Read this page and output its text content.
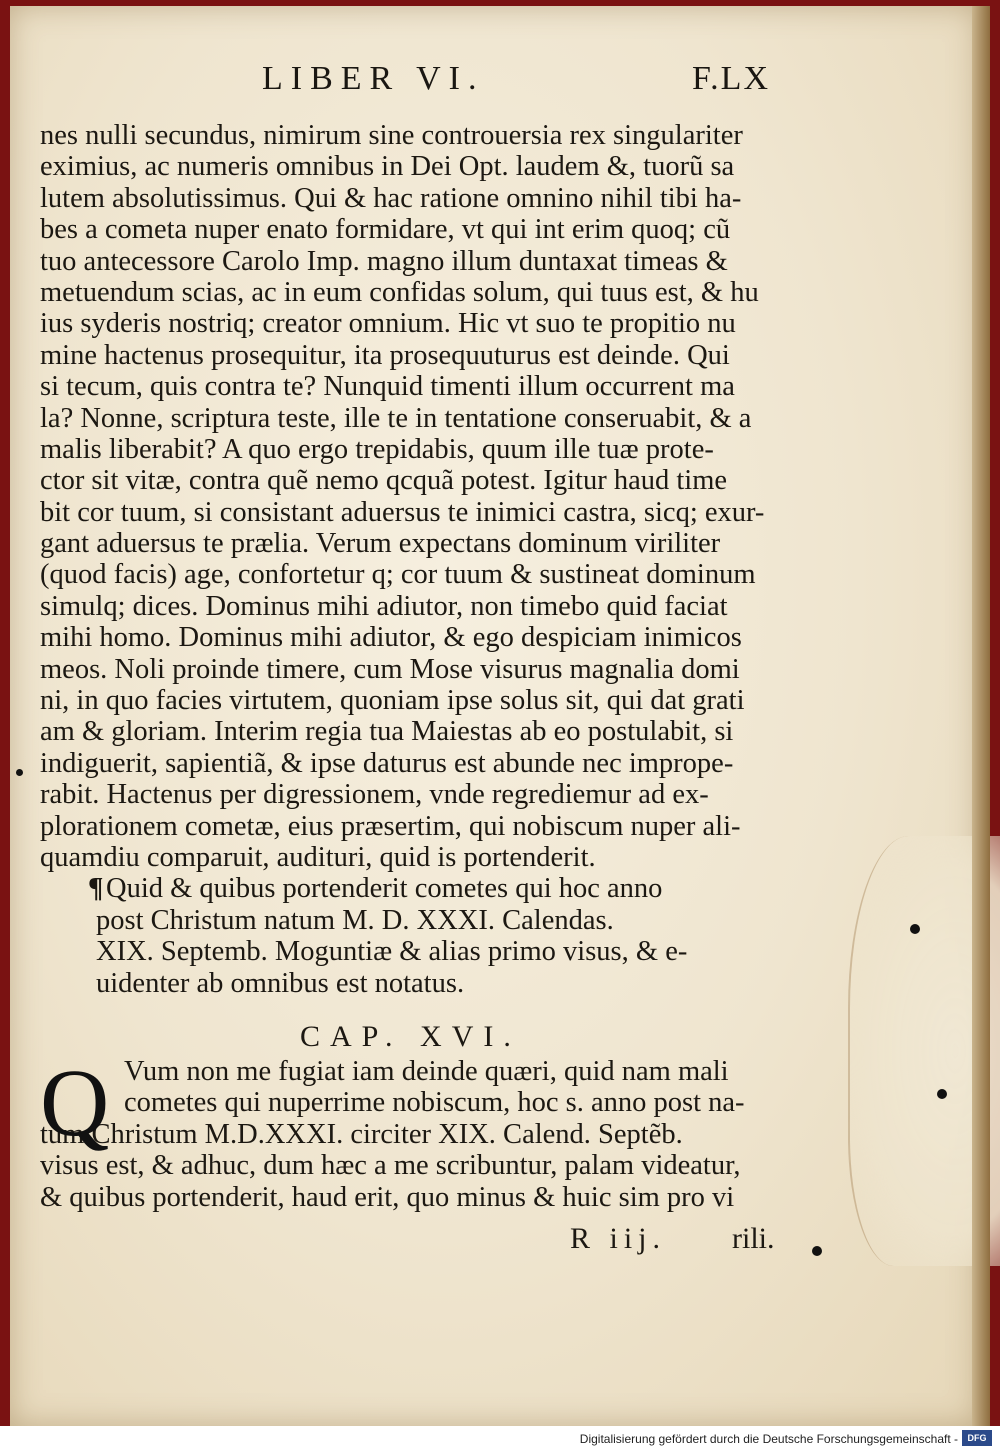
LIBER VI.	F.LX
nes nulli secundus, nimirum sine controuersia rex singulariter
eximius, ac numeris omnibus in Dei Opt. laudem &, tuorũ sa
lutem absolutissimus. Qui & hac ratione omnino nihil tibi ha-
bes a cometa nuper enato formidare, vt qui int erim quoq; cũ
tuo antecessore Carolo Imp. magno illum duntaxat timeas &
metuendum scias, ac in eum confidas solum, qui tuus est, & hu
ius syderis nostriq; creator omnium. Hic vt suo te propitio nu
mine hactenus prosequitur, ita prosequuturus est deinde. Qui
si tecum, quis contra te? Nunquid timenti illum occurrent ma
la? Nonne, scriptura teste, ille te in tentatione conseruabit, & a
malis liberabit? A quo ergo trepidabis, quum ille tuæ prote-
ctor sit vitæ, contra quẽ nemo qcquã potest. Igitur haud time
bit cor tuum, si consistant aduersus te inimici castra, sicq; exur-
gant aduersus te prælia. Verum expectans dominum viriliter
(quod facis) age, confortetur q; cor tuum & sustineat dominum
simulq; dices. Dominus mihi adiutor, non timebo quid faciat
mihi homo. Dominus mihi adiutor, & ego despiciam inimicos
meos. Noli proinde timere, cum Mose visurus magnalia domi
ni, in quo facies virtutem, quoniam ipse solus sit, qui dat grati
am & gloriam. Interim regia tua Maiestas ab eo postulabit, si
indiguerit, sapientiã, & ipse daturus est abunde nec imprope-
rabit. Hactenus per digressionem, vnde regrediemur ad ex-
plorationem cometæ, eius præsertim, qui nobiscum nuper ali-
quamdiu comparuit, audituri, quid is portenderit.
¶Quid & quibus portenderit cometes qui hoc anno
post Christum natum M. D. XXXI. Calendas.
XIX. Septemb. Moguntiæ & alias primo visus, & e-
uidenter ab omnibus est notatus.
CAP. XVI.
Q Vum non me fugiat iam deinde quæri, quid nam mali
cometes qui nuperrime nobiscum, hoc s. anno post na-
tum Christum M.D.XXXI. circiter XIX. Calend. Septẽb.
visus est, & adhuc, dum hæc a me scribuntur, palam videatur,
& quibus portenderit, haud erit, quo minus & huic sim pro vi
R iij. rili.
Digitalisierung gefördert durch die Deutsche Forschungsgemeinschaft -	DFG
